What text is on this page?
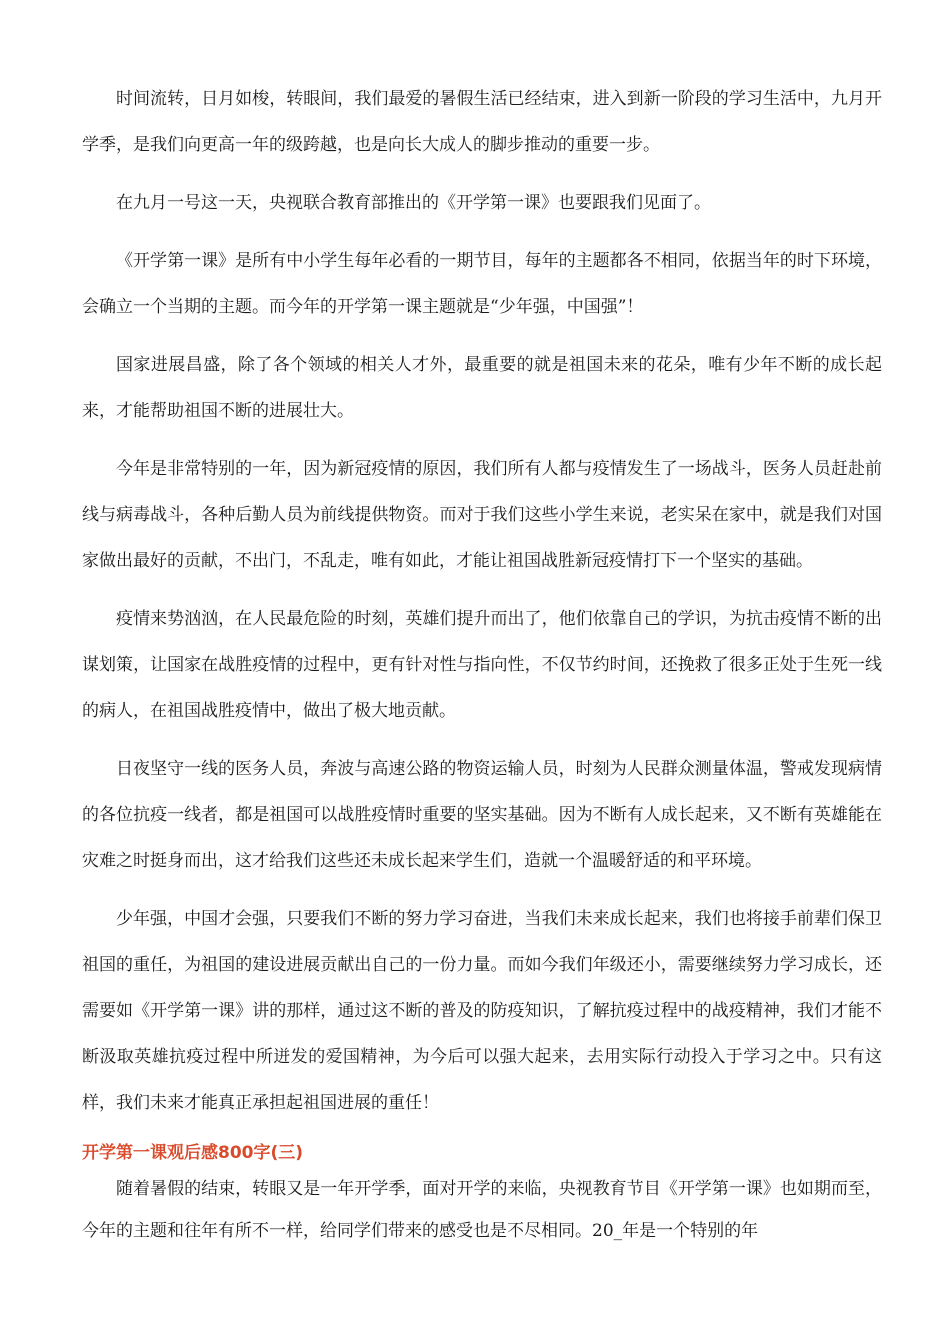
时间流转，日月如梭，转眼间，我们最爱的暑假生活已经结束，进入到新一阶段的学习生活中，九月开学季，是我们向更高一年的级跨越，也是向长大成人的脚步推动的重要一步。

在九月一号这一天，央视联合教育部推出的《开学第一课》也要跟我们见面了。

《开学第一课》是所有中小学生每年必看的一期节目，每年的主题都各不相同，依据当年的时下环境，会确立一个当期的主题。而今年的开学第一课主题就是“少年强，中国强”！

国家进展昌盛，除了各个领域的相关人才外，最重要的就是祖国未来的花朵，唯有少年不断的成长起来，才能帮助祖国不断的进展壮大。

今年是非常特别的一年，因为新冠疫情的原因，我们所有人都与疫情发生了一场战斗，医务人员赶赴前线与病毒战斗，各种后勤人员为前线提供物资。而对于我们这些小学生来说，老实呆在家中，就是我们对国家做出最好的贡献，不出门，不乱走，唯有如此，才能让祖国战胜新冠疫情打下一个坚实的基础。

疫情来势汹汹，在人民最危险的时刻，英雄们提升而出了，他们依靠自己的学识，为抗击疫情不断的出谋划策，让国家在战胜疫情的过程中，更有针对性与指向性，不仅节约时间，还挽救了很多正处于生死一线的病人，在祖国战胜疫情中，做出了极大地贡献。

日夜坚守一线的医务人员，奔波与高速公路的物资运输人员，时刻为人民群众测量体温，警戒发现病情的各位抗疫一线者，都是祖国可以战胜疫情时重要的坚实基础。因为不断有人成长起来，又不断有英雄能在灾难之时挺身而出，这才给我们这些还未成长起来学生们，造就一个温暖舒适的和平环境。

少年强，中国才会强，只要我们不断的努力学习奋进，当我们未来成长起来，我们也将接手前辈们保卫祖国的重任，为祖国的建设进展贡献出自己的一份力量。而如今我们年级还小，需要继续努力学习成长，还需要如《开学第一课》讲的那样，通过这不断的普及的防疫知识，了解抗疫过程中的战疫精神，我们才能不断汲取英雄抗疫过程中所迸发的爱国精神，为今后可以强大起来，去用实际行动投入于学习之中。只有这样，我们未来才能真正承担起祖国进展的重任！

开学第一课观后感800字(三)

随着暑假的结束，转眼又是一年开学季，面对开学的来临，央视教育节目《开学第一课》也如期而至，今年的主题和往年有所不一样，给同学们带来的感受也是不尽相同。20_年是一个特别的年
